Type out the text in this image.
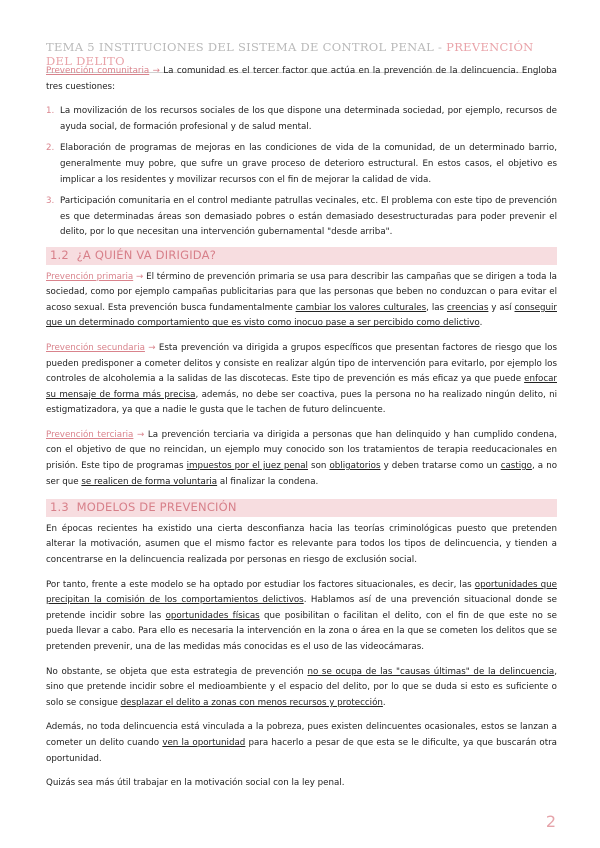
TEMA 5 INSTITUCIONES DEL SISTEMA DE CONTROL PENAL - PREVENCIÓN DEL DELITO

Prevención comunitaria → La comunidad es el tercer factor que actúa en la prevención de la delincuencia. Engloba tres cuestiones:

1. La movilización de los recursos sociales de los que dispone una determinada sociedad, por ejemplo, recursos de ayuda social, de formación profesional y de salud mental.
2. Elaboración de programas de mejoras en las condiciones de vida de la comunidad, de un determinado barrio, generalmente muy pobre, que sufre un grave proceso de deterioro estructural. En estos casos, el objetivo es implicar a los residentes y movilizar recursos con el fin de mejorar la calidad de vida.
3. Participación comunitaria en el control mediante patrullas vecinales, etc. El problema con este tipo de prevención es que determinadas áreas son demasiado pobres o están demasiado desestructuradas para poder prevenir el delito, por lo que necesitan una intervención gubernamental "desde arriba".
1.2 ¿A QUIÉN VA DIRIGIDA?

Prevención primaria → El término de prevención primaria se usa para describir las campañas que se dirigen a toda la sociedad, como por ejemplo campañas publicitarias para que las personas que beben no conduzcan o para evitar el acoso sexual. Esta prevención busca fundamentalmente cambiar los valores culturales, las creencias y así conseguir que un determinado comportamiento que es visto como inocuo pase a ser percibido como delictivo.

Prevención secundaria → Esta prevención va dirigida a grupos específicos que presentan factores de riesgo que los pueden predisponer a cometer delitos y consiste en realizar algún tipo de intervención para evitarlo, por ejemplo los controles de alcoholemia a la salidas de las discotecas. Este tipo de prevención es más eficaz ya que puede enfocar su mensaje de forma más precisa, además, no debe ser coactiva, pues la persona no ha realizado ningún delito, ni estigmatizadora, ya que a nadie le gusta que le tachen de futuro delincuente.

Prevención terciaria → La prevención terciaria va dirigida a personas que han delinquido y han cumplido condena, con el objetivo de que no reincidan, un ejemplo muy conocido son los tratamientos de terapia reeducacionales en prisión. Este tipo de programas impuestos por el juez penal son obligatorios y deben tratarse como un castigo, a no ser que se realicen de forma voluntaria al finalizar la condena.

1.3 MODELOS DE PREVENCIÓN

En épocas recientes ha existido una cierta desconfianza hacia las teorías criminológicas puesto que pretenden alterar la motivación, asumen que el mismo factor es relevante para todos los tipos de delincuencia, y tienden a concentrarse en la delincuencia realizada por personas en riesgo de exclusión social.

Por tanto, frente a este modelo se ha optado por estudiar los factores situacionales, es decir, las oportunidades que precipitan la comisión de los comportamientos delictivos. Hablamos así de una prevención situacional donde se pretende incidir sobre las oportunidades físicas que posibilitan o facilitan el delito, con el fin de que este no se pueda llevar a cabo. Para ello es necesaria la intervención en la zona o área en la que se cometen los delitos que se pretenden prevenir, una de las medidas más conocidas es el uso de las videocámaras.

No obstante, se objeta que esta estrategia de prevención no se ocupa de las "causas últimas" de la delincuencia, sino que pretende incidir sobre el medioambiente y el espacio del delito, por lo que se duda si esto es suficiente o solo se consigue desplazar el delito a zonas con menos recursos y protección.

Además, no toda delincuencia está vinculada a la pobreza, pues existen delincuentes ocasionales, estos se lanzan a cometer un delito cuando ven la oportunidad para hacerlo a pesar de que esta se le dificulte, ya que buscarán otra oportunidad.

Quizás sea más útil trabajar en la motivación social con la ley penal.

2
